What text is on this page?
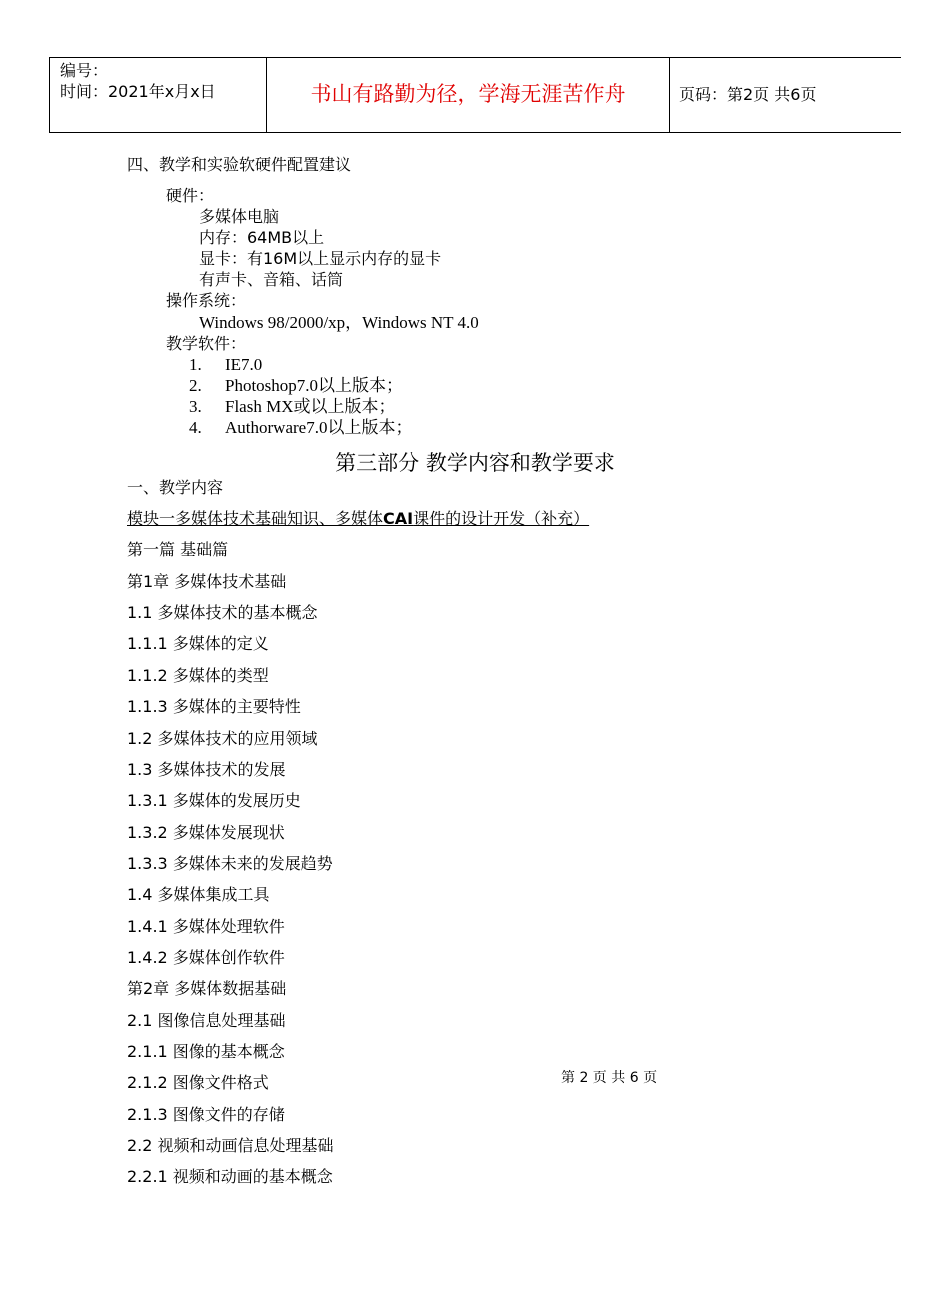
编号：
时间：2021年x月x日	书山有路勤为径，学海无涯苦作舟	页码：第2页 共6页
四、教学和实验软硬件配置建议
硬件：
多媒体电脑
内存：64MB以上
显卡：有16M以上显示内存的显卡
有声卡、音箱、话筒
操作系统：
Windows 98/2000/xp，Windows NT 4.0
教学软件：
1. IE7.0
2. Photoshop7.0以上版本；
3. Flash MX或以上版本；
4. Authorware7.0以上版本；
第三部分 教学内容和教学要求
一、教学内容
模块一多媒体技术基础知识、多媒体CAI课件的设计开发（补充）
第一篇 基础篇
第1章 多媒体技术基础
1.1 多媒体技术的基本概念
1.1.1 多媒体的定义
1.1.2 多媒体的类型
1.1.3 多媒体的主要特性
1.2 多媒体技术的应用领域
1.3 多媒体技术的发展
1.3.1 多媒体的发展历史
1.3.2 多媒体发展现状
1.3.3 多媒体未来的发展趋势
1.4 多媒体集成工具
1.4.1 多媒体处理软件
1.4.2 多媒体创作软件
第2章 多媒体数据基础
2.1 图像信息处理基础
2.1.1 图像的基本概念
2.1.2 图像文件格式
2.1.3 图像文件的存储
2.2 视频和动画信息处理基础
2.2.1 视频和动画的基本概念
第 2 页 共 6 页
